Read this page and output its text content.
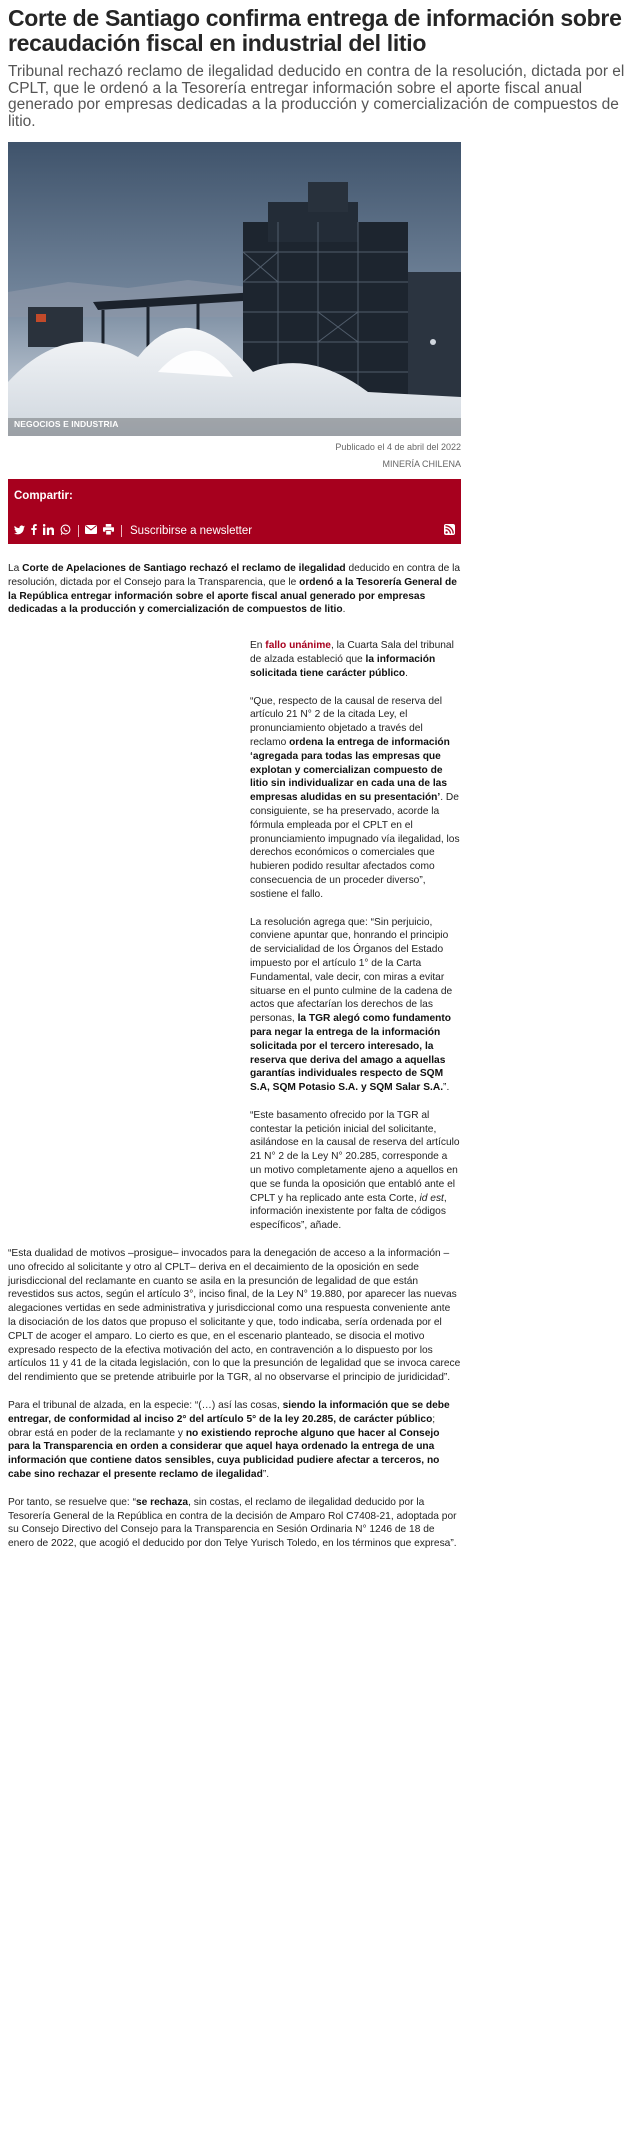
Corte de Santiago confirma entrega de información sobre recaudación fiscal en industrial del litio

Tribunal rechazó reclamo de ilegalidad deducido en contra de la resolución, dictada por el CPLT, que le ordenó a la Tesorería entregar información sobre el aporte fiscal anual generado por empresas dedicadas a la producción y comercialización de compuestos de litio.

NEGOCIOS E INDUSTRIA
Publicado el 4 de abril del 2022
MINERÍA CHILENA
Compartir:
Suscribirse a newsletter

La Corte de Apelaciones de Santiago rechazó el reclamo de ilegalidad deducido en contra de la resolución, dictada por el Consejo para la Transparencia, que le ordenó a la Tesorería General de la República entregar información sobre el aporte fiscal anual generado por empresas dedicadas a la producción y comercialización de compuestos de litio.

En fallo unánime, la Cuarta Sala del tribunal de alzada estableció que la información solicitada tiene carácter público.

“Que, respecto de la causal de reserva del artículo 21 N° 2 de la citada Ley, el pronunciamiento objetado a través del reclamo ordena la entrega de información ‘agregada para todas las empresas que explotan y comercializan compuesto de litio sin individualizar en cada una de las empresas aludidas en su presentación’. De consiguiente, se ha preservado, acorde la fórmula empleada por el CPLT en el pronunciamiento impugnado vía ilegalidad, los derechos económicos o comerciales que hubieren podido resultar afectados como consecuencia de un proceder diverso”, sostiene el fallo.

La resolución agrega que: “Sin perjuicio, conviene apuntar que, honrando el principio de servicialidad de los Órganos del Estado impuesto por el artículo 1° de la Carta Fundamental, vale decir, con miras a evitar situarse en el punto culmine de la cadena de actos que afectarían los derechos de las personas, la TGR alegó como fundamento para negar la entrega de la información solicitada por el tercero interesado, la reserva que deriva del amago a aquellas garantías individuales respecto de SQM S.A, SQM Potasio S.A. y SQM Salar S.A.”.

“Este basamento ofrecido por la TGR al contestar la petición inicial del solicitante, asilándose en la causal de reserva del artículo 21 N° 2 de la Ley N° 20.285, corresponde a un motivo completamente ajeno a aquellos en que se funda la oposición que entabló ante el CPLT y ha replicado ante esta Corte, id est, información inexistente por falta de códigos específicos”, añade.

“Esta dualidad de motivos –prosigue– invocados para la denegación de acceso a la información –uno ofrecido al solicitante y otro al CPLT– deriva en el decaimiento de la oposición en sede jurisdiccional del reclamante en cuanto se asila en la presunción de legalidad de que están revestidos sus actos, según el artículo 3°, inciso final, de la Ley N° 19.880, por aparecer las nuevas alegaciones vertidas en sede administrativa y jurisdiccional como una respuesta conveniente ante la disociación de los datos que propuso el solicitante y que, todo indicaba, sería ordenada por el CPLT de acoger el amparo. Lo cierto es que, en el escenario planteado, se disocia el motivo expresado respecto de la efectiva motivación del acto, en contravención a lo dispuesto por los artículos 11 y 41 de la citada legislación, con lo que la presunción de legalidad que se invoca carece del rendimiento que se pretende atribuirle por la TGR, al no observarse el principio de juridicidad”.

Para el tribunal de alzada, en la especie: “(…) así las cosas, siendo la información que se debe entregar, de conformidad al inciso 2° del artículo 5° de la ley 20.285, de carácter público; obrar está en poder de la reclamante y no existiendo reproche alguno que hacer al Consejo para la Transparencia en orden a considerar que aquel haya ordenado la entrega de una información que contiene datos sensibles, cuya publicidad pudiere afectar a terceros, no cabe sino rechazar el presente reclamo de ilegalidad”.

Por tanto, se resuelve que: “se rechaza, sin costas, el reclamo de ilegalidad deducido por la Tesorería General de la República en contra de la decisión de Amparo Rol C7408-21, adoptada por su Consejo Directivo del Consejo para la Transparencia en Sesión Ordinaria N° 1246 de 18 de enero de 2022, que acogió el deducido por don Telye Yurisch Toledo, en los términos que expresa”.
